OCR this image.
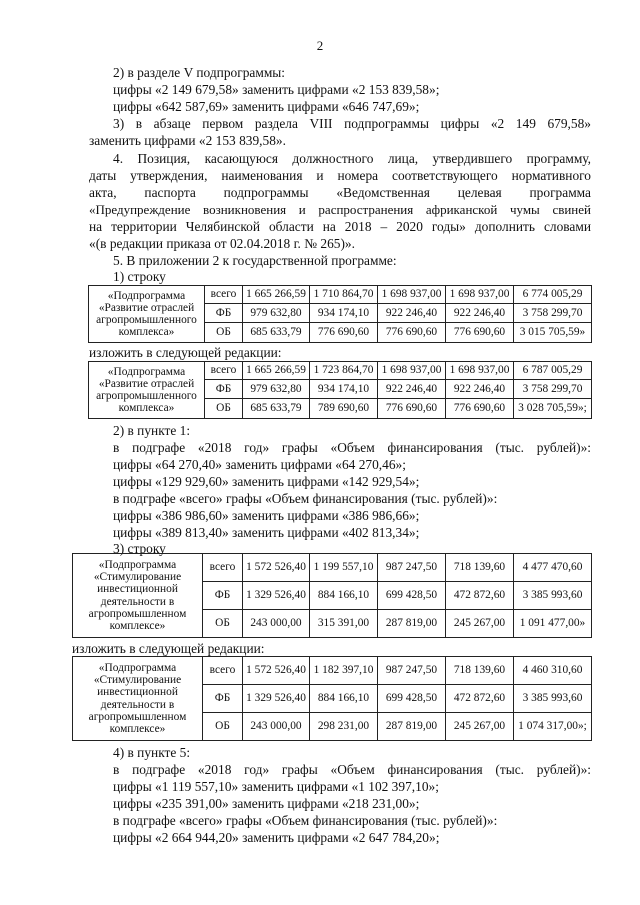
2
2) в разделе V подпрограммы:
цифры «2 149 679,58» заменить цифрами «2 153 839,58»;
цифры «642 587,69» заменить цифрами «646 747,69»;
3) в абзаце первом раздела VIII подпрограммы цифры «2 149 679,58»
заменить цифрами «2 153 839,58».
4. Позиция, касающуюся должностного лица, утвердившего программу,
даты утверждения, наименования и номера соответствующего нормативного
акта, паспорта подпрограммы «Ведомственная целевая программа
«Предупреждение возникновения и распространения африканской чумы свиней
на территории Челябинской области на 2018 – 2020 годы» дополнить словами
«(в редакции приказа от 02.04.2018 г. № 265)».
5. В приложении 2 к государственной программе:
1) строку
«Подпрограмма «Развитие отраслей агропромышленного комплекса»	всего	1 665 266,59	1 710 864,70	1 698 937,00	1 698 937,00	6 774 005,29
	ФБ	979 632,80	934 174,10	922 246,40	922 246,40	3 758 299,70
	ОБ	685 633,79	776 690,60	776 690,60	776 690,60	3 015 705,59»
изложить в следующей редакции:
«Подпрограмма «Развитие отраслей агропромышленного комплекса»	всего	1 665 266,59	1 723 864,70	1 698 937,00	1 698 937,00	6 787 005,29
	ФБ	979 632,80	934 174,10	922 246,40	922 246,40	3 758 299,70
	ОБ	685 633,79	789 690,60	776 690,60	776 690,60	3 028 705,59»;
2) в пункте 1:
в подграфе «2018 год» графы «Объем финансирования (тыс. рублей)»:
цифры «64 270,40» заменить цифрами «64 270,46»;
цифры «129 929,60» заменить цифрами «142 929,54»;
в подграфе «всего» графы «Объем финансирования (тыс. рублей)»:
цифры «386 986,60» заменить цифрами «386 986,66»;
цифры «389 813,40» заменить цифрами «402 813,34»;
3) строку
«Подпрограмма «Стимулирование инвестиционной деятельности в агропромышленном комплексе»	всего	1 572 526,40	1 199 557,10	987 247,50	718 139,60	4 477 470,60
	ФБ	1 329 526,40	884 166,10	699 428,50	472 872,60	3 385 993,60
	ОБ	243 000,00	315 391,00	287 819,00	245 267,00	1 091 477,00»
изложить в следующей редакции:
«Подпрограмма «Стимулирование инвестиционной деятельности в агропромышленном комплексе»	всего	1 572 526,40	1 182 397,10	987 247,50	718 139,60	4 460 310,60
	ФБ	1 329 526,40	884 166,10	699 428,50	472 872,60	3 385 993,60
	ОБ	243 000,00	298 231,00	287 819,00	245 267,00	1 074 317,00»;
4) в пункте 5:
в подграфе «2018 год» графы «Объем финансирования (тыс. рублей)»:
цифры «1 119 557,10» заменить цифрами «1 102 397,10»;
цифры «235 391,00» заменить цифрами «218 231,00»;
в подграфе «всего» графы «Объем финансирования (тыс. рублей)»:
цифры «2 664 944,20» заменить цифрами «2 647 784,20»;
